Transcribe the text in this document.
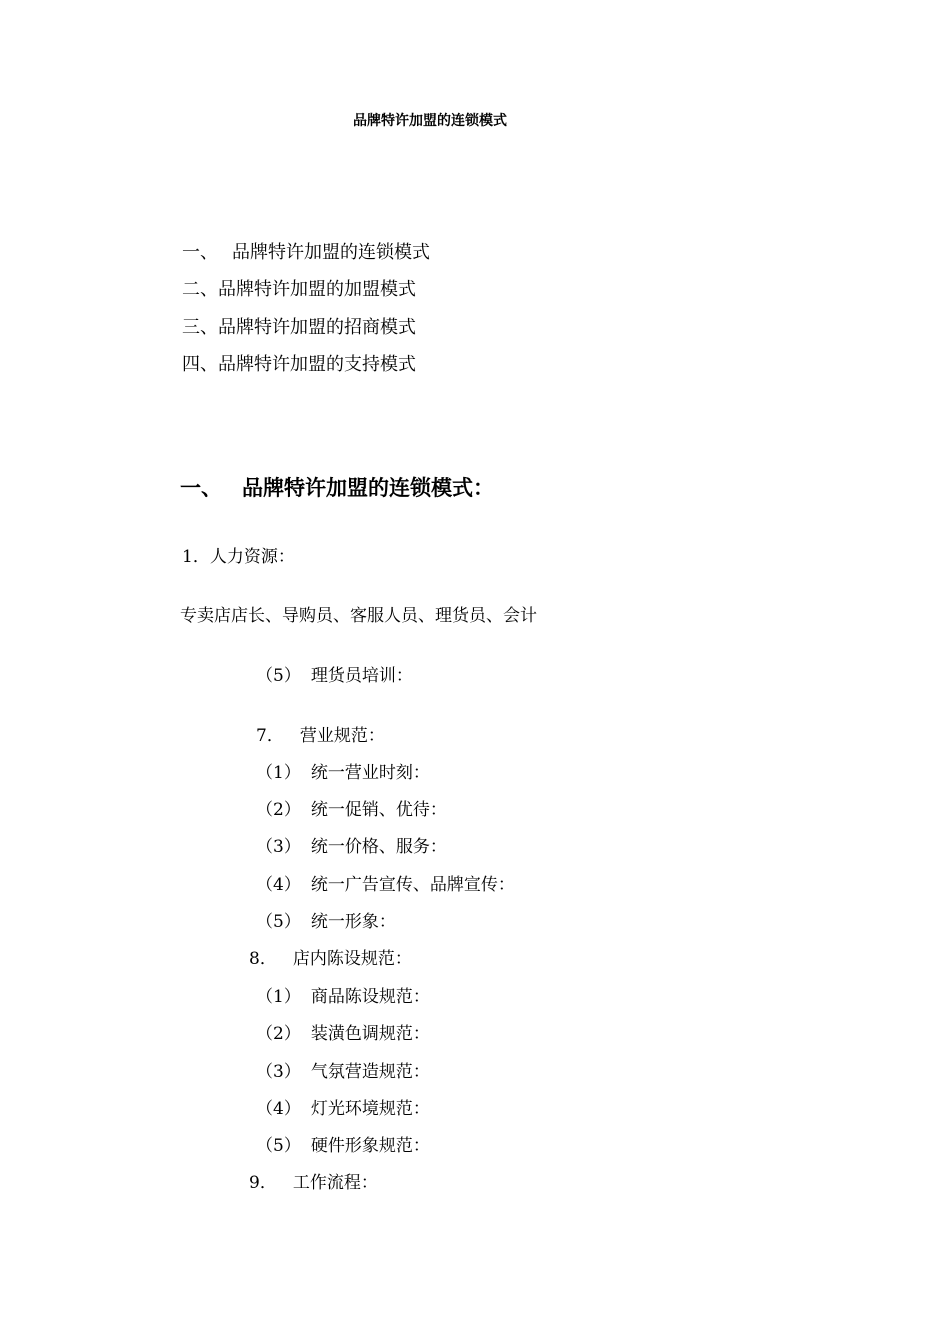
品牌特许加盟的连锁模式
一、 品牌特许加盟的连锁模式
二、品牌特许加盟的加盟模式
三、品牌特许加盟的招商模式
四、品牌特许加盟的支持模式
一、 品牌特许加盟的连锁模式：
1．人力资源：
专卖店店长、导购员、客服人员、理货员、会计
（5） 理货员培训：
7． 营业规范：
（1） 统一营业时刻：
（2） 统一促销、优待：
（3） 统一价格、服务：
（4） 统一广告宣传、品牌宣传：
（5） 统一形象：
8． 店内陈设规范：
（1） 商品陈设规范：
（2） 装潢色调规范：
（3） 气氛营造规范：
（4） 灯光环境规范：
（5） 硬件形象规范：
9． 工作流程：
